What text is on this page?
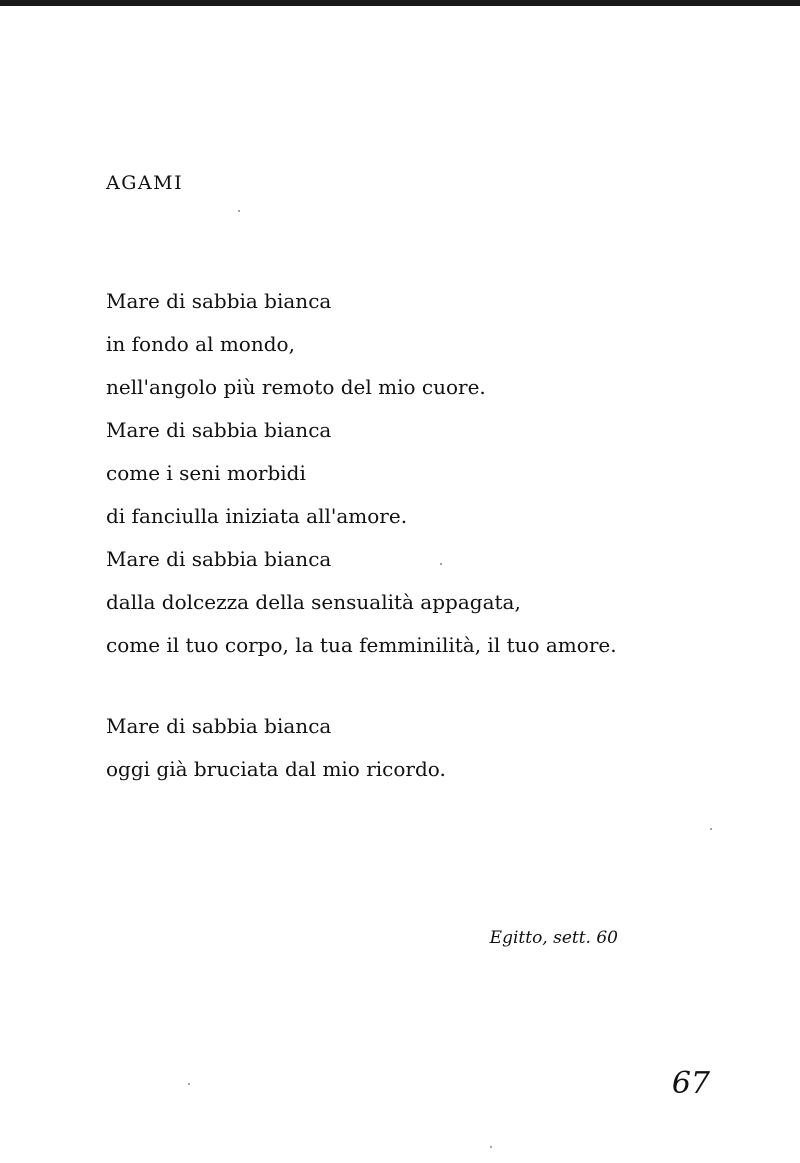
AGAMI
Mare di sabbia bianca
in fondo al mondo,
nell'angolo più remoto del mio cuore.
Mare di sabbia bianca
come i seni morbidi
di fanciulla iniziata all'amore.
Mare di sabbia bianca
dalla dolcezza della sensualità appagata,
come il tuo corpo, la tua femminilità, il tuo amore.
Mare di sabbia bianca
oggi già bruciata dal mio ricordo.
Egitto, sett. 60
67
